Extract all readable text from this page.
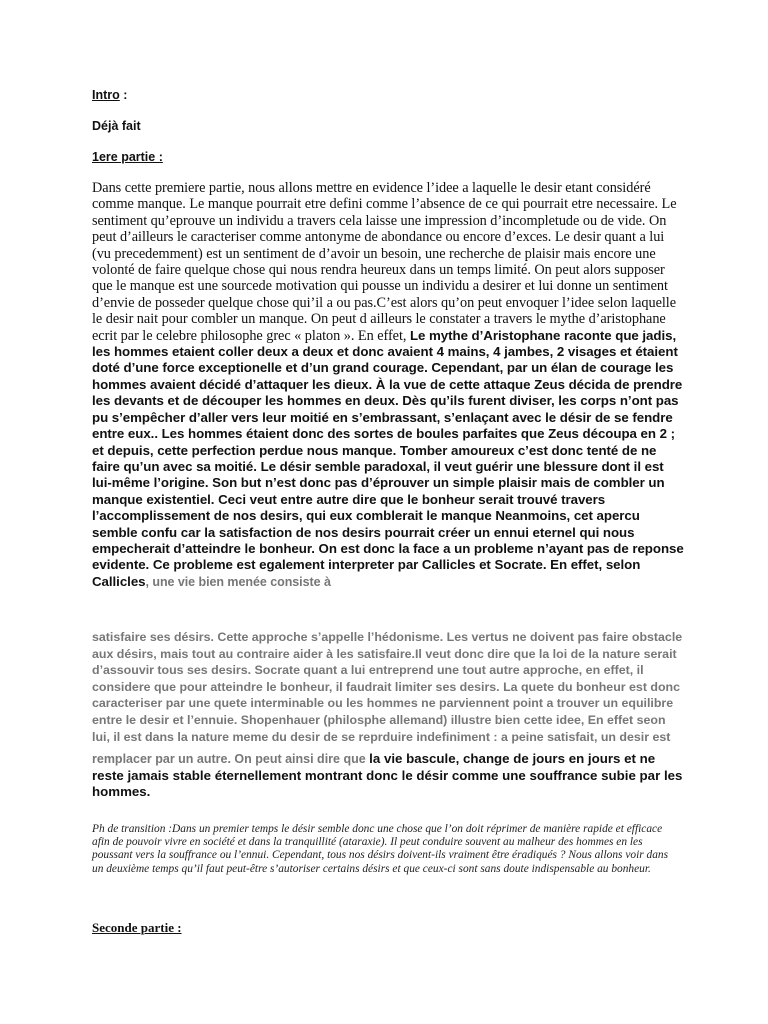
Intro :

Déjà fait

1ere partie :

Dans cette premiere partie, nous allons mettre en evidence l’idee a laquelle le desir etant considéré comme manque. Le manque pourrait etre defini comme l’absence de ce qui pourrait etre necessaire. Le sentiment qu’eprouve un individu a travers cela laisse une impression d’incompletude ou de vide. On peut d’ailleurs le caracteriser comme antonyme de abondance ou encore d’exces. Le desir quant a lui (vu precedemment) est un sentiment de d’avoir un besoin, une recherche de plaisir mais encore une volonté de faire quelque chose qui nous rendra heureux dans un temps limité. On peut alors supposer que le manque est une sourcede motivation qui pousse un individu a desirer et lui donne un sentiment d’envie de posseder quelque chose qui’il a ou pas.C’est alors qu’on peut envoquer l’idee selon laquelle le desir nait pour combler un manque. On peut d ailleurs le constater a travers le mythe d’aristophane ecrit par le celebre philosophe grec « platon ». En effet, Le mythe d’Aristophane raconte que jadis, les hommes etaient coller deux a deux et donc avaient 4 mains, 4 jambes, 2 visages et étaient doté d’une force exceptionelle et d’un grand courage. Cependant, par un élan de courage les hommes avaient décidé d’attaquer les dieux. À la vue de cette attaque Zeus décida de prendre les devants et de découper les hommes en deux. Dès qu’ils furent diviser, les corps n’ont pas pu s’empêcher d’aller vers leur moitié en s’embrassant, s’enlaçant avec le désir de se fendre entre eux.. Les hommes étaient donc des sortes de boules parfaites que Zeus découpa en 2 ; et depuis, cette perfection perdue nous manque. Tomber amoureux c’est donc tenté de ne faire qu’un avec sa moitié. Le désir semble paradoxal, il veut guérir une blessure dont il est lui-même l’origine. Son but n’est donc pas d’éprouver un simple plaisir mais de combler un manque existentiel. Ceci veut entre autre dire que le bonheur serait trouvé travers l’accomplissement de nos desirs, qui eux comblerait le manque Neanmoins, cet apercu semble confu car la satisfaction de nos desirs pourrait créer un ennui eternel qui nous empecherait d’atteindre le bonheur. On est donc la face a un probleme n’ayant pas de reponse evidente. Ce probleme est egalement interpreter par Callicles et Socrate. En effet, selon Callicles, une vie bien menée consiste à

satisfaire ses désirs. Cette approche s’appelle l’hédonisme. Les vertus ne doivent pas faire obstacle aux désirs, mais tout au contraire aider à les satisfaire.Il veut donc dire que la loi de la nature serait d’assouvir tous ses desirs. Socrate quant a lui entreprend une tout autre approche, en effet, il considere que pour atteindre le bonheur, il faudrait limiter ses desirs. La quete du bonheur est donc caracteriser par une quete interminable ou les hommes ne parviennent point a trouver un equilibre entre le desir et l’ennuie. Shopenhauer (philosphe allemand) illustre bien cette idee, En effet seon lui, il est dans la nature meme du desir de se reprduire indefiniment : a peine satisfait, un desir est

remplacer par un autre. On peut ainsi dire que la vie bascule, change de jours en jours et ne reste jamais stable éternellement montrant donc le désir comme une souffrance subie par les hommes.

Ph de transition :Dans un premier temps le désir semble donc une chose que l’on doit réprimer de manière rapide et efficace afin de pouvoir vivre en société et dans la tranquillité (ataraxie). Il peut conduire souvent au malheur des hommes en les poussant vers la souffrance ou l’ennui. Cependant, tous nos désirs doivent-ils vraiment être éradiqués ? Nous allons voir dans un deuxième temps qu’il faut peut-être s’autoriser certains désirs et que ceux-ci sont sans doute indispensable au bonheur.

Seconde partie :
